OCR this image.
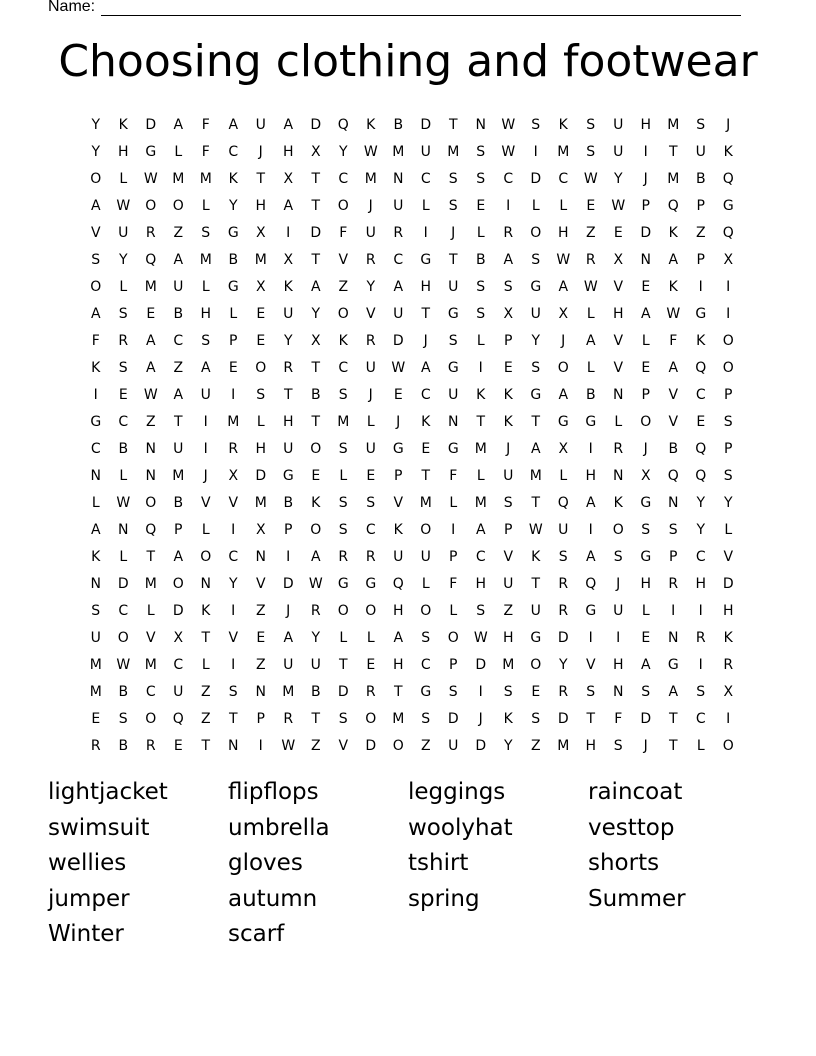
Name:
Choosing clothing and footwear
Y	K	D	A	F	A	U	A	D	Q	K	B	D	T	N	W	S	K	S	U	H	M	S	J
Y	H	G	L	F	C	J	H	X	Y	W	M	U	M	S	W	I	M	S	U	I	T	U	K
O	L	W	M	M	K	T	X	T	C	M	N	C	S	S	C	D	C	W	Y	J	M	B	Q
A	W	O	O	L	Y	H	A	T	O	J	U	L	S	E	I	L	L	E	W	P	Q	P	G
V	U	R	Z	S	G	X	I	D	F	U	R	I	J	L	R	O	H	Z	E	D	K	Z	Q
S	Y	Q	A	M	B	M	X	T	V	R	C	G	T	B	A	S	W	R	X	N	A	P	X
O	L	M	U	L	G	X	K	A	Z	Y	A	H	U	S	S	G	A	W	V	E	K	I	I
A	S	E	B	H	L	E	U	Y	O	V	U	T	G	S	X	U	X	L	H	A	W	G	I
F	R	A	C	S	P	E	Y	X	K	R	D	J	S	L	P	Y	J	A	V	L	F	K	O
K	S	A	Z	A	E	O	R	T	C	U	W	A	G	I	E	S	O	L	V	E	A	Q	O
I	E	W	A	U	I	S	T	B	S	J	E	C	U	K	K	G	A	B	N	P	V	C	P
G	C	Z	T	I	M	L	H	T	M	L	J	K	N	T	K	T	G	G	L	O	V	E	S
C	B	N	U	I	R	H	U	O	S	U	G	E	G	M	J	A	X	I	R	J	B	Q	P
N	L	N	M	J	X	D	G	E	L	E	P	T	F	L	U	M	L	H	N	X	Q	Q	S
L	W	O	B	V	V	M	B	K	S	S	V	M	L	M	S	T	Q	A	K	G	N	Y	Y
A	N	Q	P	L	I	X	P	O	S	C	K	O	I	A	P	W	U	I	O	S	S	Y	L
K	L	T	A	O	C	N	I	A	R	R	U	U	P	C	V	K	S	A	S	G	P	C	V
N	D	M	O	N	Y	V	D	W	G	G	Q	L	F	H	U	T	R	Q	J	H	R	H	D
S	C	L	D	K	I	Z	J	R	O	O	H	O	L	S	Z	U	R	G	U	L	I	I	H
U	O	V	X	T	V	E	A	Y	L	L	A	S	O	W	H	G	D	I	I	E	N	R	K
M	W	M	C	L	I	Z	U	U	T	E	H	C	P	D	M	O	Y	V	H	A	G	I	R
M	B	C	U	Z	S	N	M	B	D	R	T	G	S	I	S	E	R	S	N	S	A	S	X
E	S	O	Q	Z	T	P	R	T	S	O	M	S	D	J	K	S	D	T	F	D	T	C	I
R	B	R	E	T	N	I	W	Z	V	D	O	Z	U	D	Y	Z	M	H	S	J	T	L	O
lightjacket	flipflops	leggings	raincoat
swimsuit	umbrella	woolyhat	vesttop
wellies	gloves	tshirt	shorts
jumper	autumn	spring	Summer
Winter	scarf
